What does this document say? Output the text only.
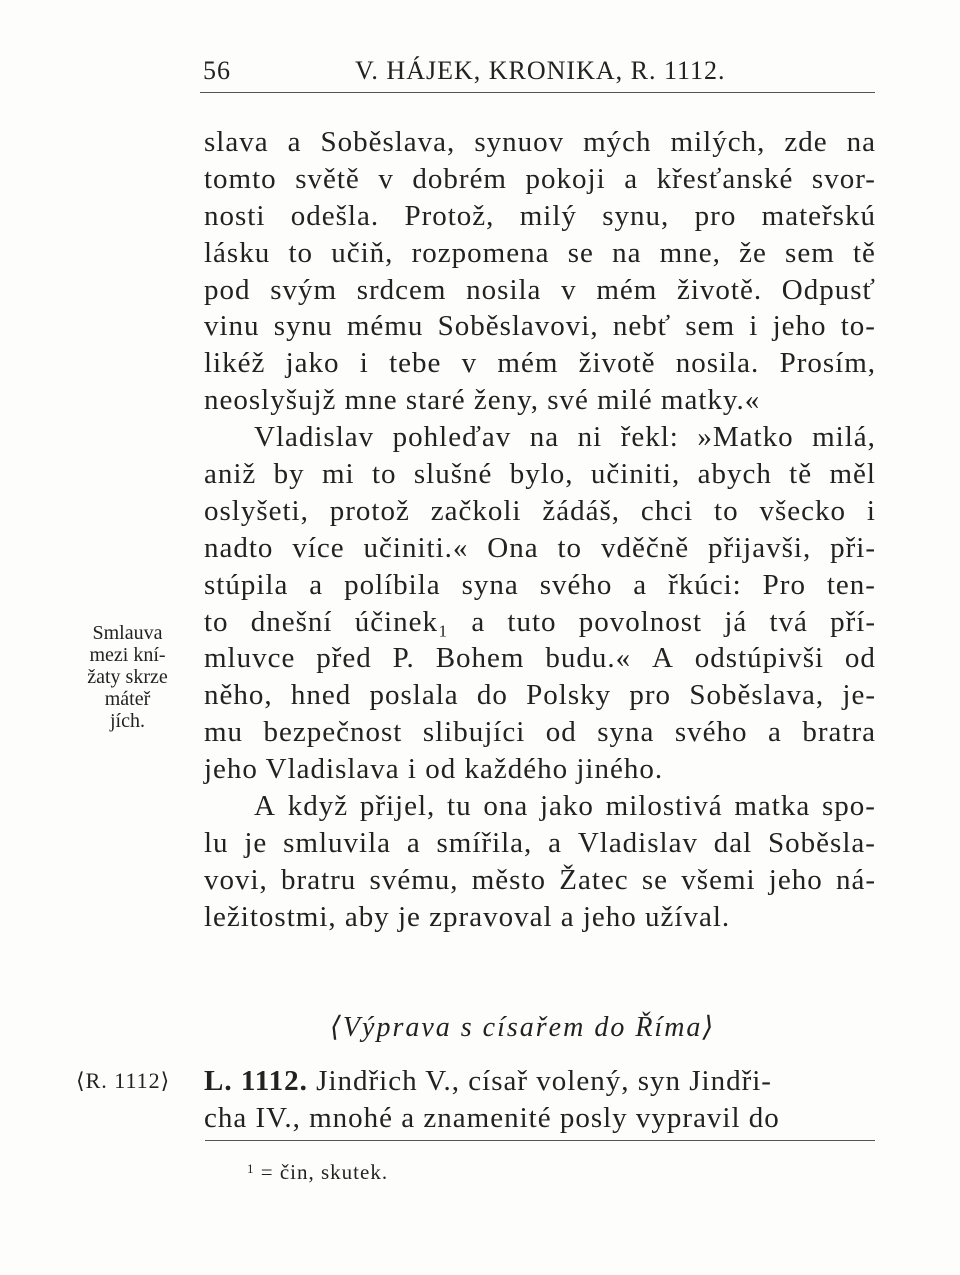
56	V. HÁJEK, KRONIKA, R. 1112.
slava a Soběslava, synuov mých milých, zde na
tomto světě v dobrém pokoji a křesťanské svor-
nosti odešla. Protož, milý synu, pro mateřskú
lásku to učiň, rozpomena se na mne, že sem tě
pod svým srdcem nosila v mém životě. Odpusť
vinu synu mému Soběslavovi, nebť sem i jeho to-
likéž jako i tebe v mém životě nosila. Prosím,
neoslyšujž mne staré ženy, své milé matky.«
Vladislav pohleďav na ni řekl: »Matko milá,
aniž by mi to slušné bylo, učiniti, abych tě měl
oslyšeti, protož začkoli žádáš, chci to všecko i
nadto více učiniti.« Ona to vděčně přijavši, při-
stúpila a políbila syna svého a řkúci: Pro ten-
to dnešní účinek₁ a tuto povolnost já tvá pří-
mluvce před P. Bohem budu.« A odstúpivši od
něho, hned poslala do Polsky pro Soběslava, je-
mu bezpečnost slibujíci od syna svého a bratra
jeho Vladislava i od každého jiného.
A když přijel, tu ona jako milostivá matka spo-
lu je smluvila a smířila, a Vladislav dal Soběsla-
vovi, bratru svému, město Žatec se všemi jeho ná-
ležitostmi, aby je zpravoval a jeho užíval.
Smlauva
mezi kní-
žaty skrze
máteř
jích.
⟨Výprava s císařem do Říma⟩
⟨R. 1112⟩ L. 1112. Jindřich V., císař volený, syn Jindři-
cha IV., mnohé a znamenité posly vypravil do
$^1$ = čin, skutek.
